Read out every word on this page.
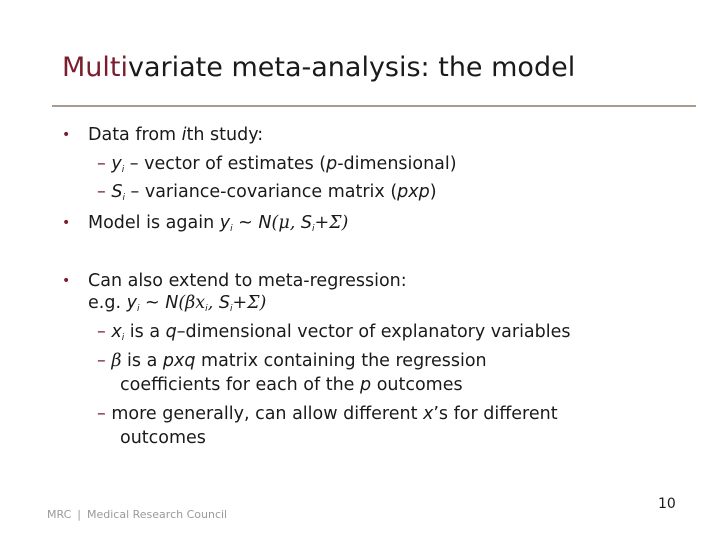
Multivariate meta-analysis: the model
• Data from ith study:
– $y_i$ – vector of estimates (p-dimensional)
– $S_i$ – variance-covariance matrix (pxp)
• Model is again $y_i$ ~ N(μ, $S_i+\Sigma$)
• Can also extend to meta-regression:
e.g. $y_i$ ~ $N(\beta x_i$, $S_i+\Sigma$)
– $x_i$ is a q–dimensional vector of explanatory variables
– β is a pxq matrix containing the regression
coefficients for each of the p outcomes
– more generally, can allow different x’s for different
outcomes
MRC | Medical Research Council
10
